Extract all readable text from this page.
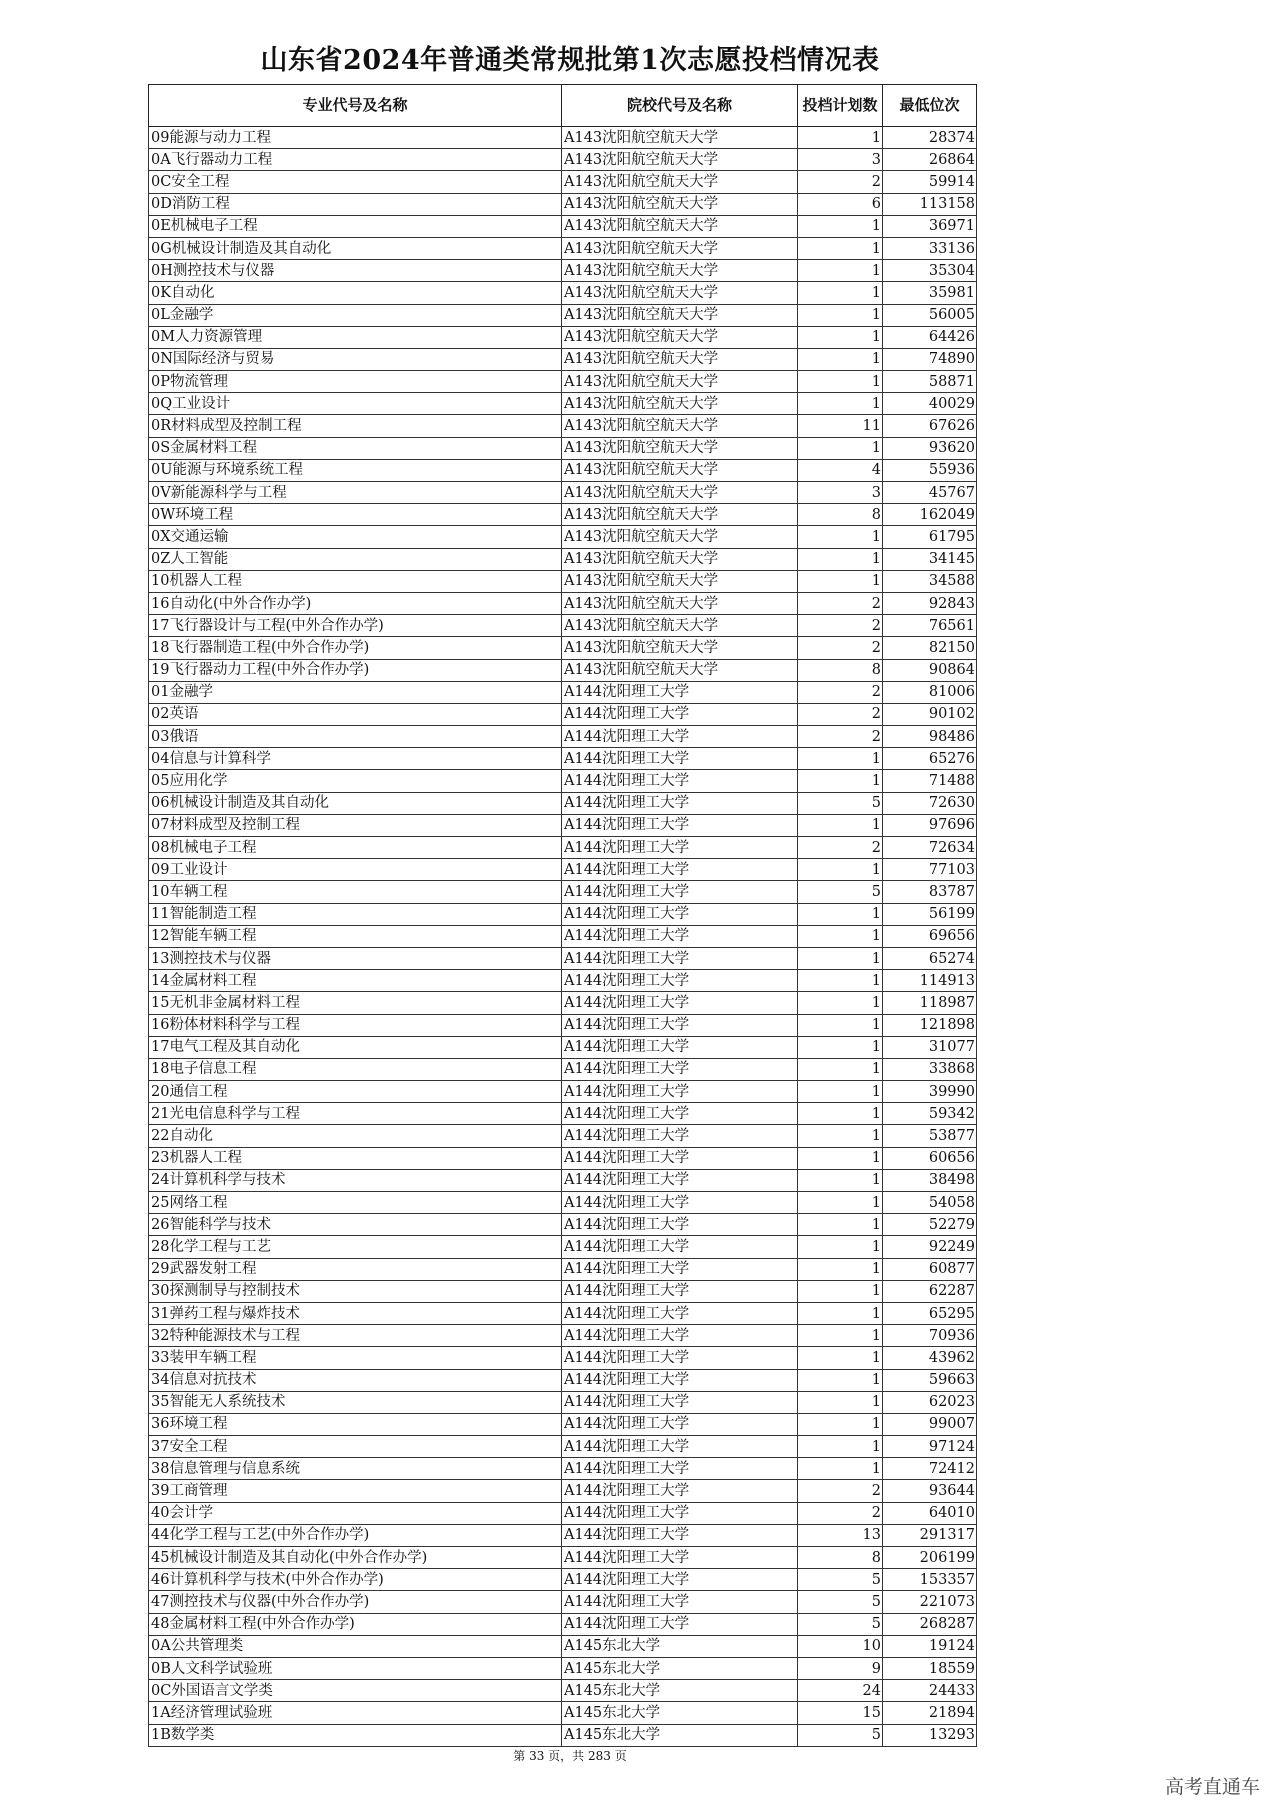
山东省2024年普通类常规批第1次志愿投档情况表
专业代号及名称	院校代号及名称	投档计划数	最低位次
09能源与动力工程	A143沈阳航空航天大学	1	28374
0A飞行器动力工程	A143沈阳航空航天大学	3	26864
0C安全工程	A143沈阳航空航天大学	2	59914
0D消防工程	A143沈阳航空航天大学	6	113158
0E机械电子工程	A143沈阳航空航天大学	1	36971
0G机械设计制造及其自动化	A143沈阳航空航天大学	1	33136
0H测控技术与仪器	A143沈阳航空航天大学	1	35304
0K自动化	A143沈阳航空航天大学	1	35981
0L金融学	A143沈阳航空航天大学	1	56005
0M人力资源管理	A143沈阳航空航天大学	1	64426
0N国际经济与贸易	A143沈阳航空航天大学	1	74890
0P物流管理	A143沈阳航空航天大学	1	58871
0Q工业设计	A143沈阳航空航天大学	1	40029
0R材料成型及控制工程	A143沈阳航空航天大学	11	67626
0S金属材料工程	A143沈阳航空航天大学	1	93620
0U能源与环境系统工程	A143沈阳航空航天大学	4	55936
0V新能源科学与工程	A143沈阳航空航天大学	3	45767
0W环境工程	A143沈阳航空航天大学	8	162049
0X交通运输	A143沈阳航空航天大学	1	61795
0Z人工智能	A143沈阳航空航天大学	1	34145
10机器人工程	A143沈阳航空航天大学	1	34588
16自动化(中外合作办学)	A143沈阳航空航天大学	2	92843
17飞行器设计与工程(中外合作办学)	A143沈阳航空航天大学	2	76561
18飞行器制造工程(中外合作办学)	A143沈阳航空航天大学	2	82150
19飞行器动力工程(中外合作办学)	A143沈阳航空航天大学	8	90864
01金融学	A144沈阳理工大学	2	81006
02英语	A144沈阳理工大学	2	90102
03俄语	A144沈阳理工大学	2	98486
04信息与计算科学	A144沈阳理工大学	1	65276
05应用化学	A144沈阳理工大学	1	71488
06机械设计制造及其自动化	A144沈阳理工大学	5	72630
07材料成型及控制工程	A144沈阳理工大学	1	97696
08机械电子工程	A144沈阳理工大学	2	72634
09工业设计	A144沈阳理工大学	1	77103
10车辆工程	A144沈阳理工大学	5	83787
11智能制造工程	A144沈阳理工大学	1	56199
12智能车辆工程	A144沈阳理工大学	1	69656
13测控技术与仪器	A144沈阳理工大学	1	65274
14金属材料工程	A144沈阳理工大学	1	114913
15无机非金属材料工程	A144沈阳理工大学	1	118987
16粉体材料科学与工程	A144沈阳理工大学	1	121898
17电气工程及其自动化	A144沈阳理工大学	1	31077
18电子信息工程	A144沈阳理工大学	1	33868
20通信工程	A144沈阳理工大学	1	39990
21光电信息科学与工程	A144沈阳理工大学	1	59342
22自动化	A144沈阳理工大学	1	53877
23机器人工程	A144沈阳理工大学	1	60656
24计算机科学与技术	A144沈阳理工大学	1	38498
25网络工程	A144沈阳理工大学	1	54058
26智能科学与技术	A144沈阳理工大学	1	52279
28化学工程与工艺	A144沈阳理工大学	1	92249
29武器发射工程	A144沈阳理工大学	1	60877
30探测制导与控制技术	A144沈阳理工大学	1	62287
31弹药工程与爆炸技术	A144沈阳理工大学	1	65295
32特种能源技术与工程	A144沈阳理工大学	1	70936
33装甲车辆工程	A144沈阳理工大学	1	43962
34信息对抗技术	A144沈阳理工大学	1	59663
35智能无人系统技术	A144沈阳理工大学	1	62023
36环境工程	A144沈阳理工大学	1	99007
37安全工程	A144沈阳理工大学	1	97124
38信息管理与信息系统	A144沈阳理工大学	1	72412
39工商管理	A144沈阳理工大学	2	93644
40会计学	A144沈阳理工大学	2	64010
44化学工程与工艺(中外合作办学)	A144沈阳理工大学	13	291317
45机械设计制造及其自动化(中外合作办学)	A144沈阳理工大学	8	206199
46计算机科学与技术(中外合作办学)	A144沈阳理工大学	5	153357
47测控技术与仪器(中外合作办学)	A144沈阳理工大学	5	221073
48金属材料工程(中外合作办学)	A144沈阳理工大学	5	268287
0A公共管理类	A145东北大学	10	19124
0B人文科学试验班	A145东北大学	9	18559
0C外国语言文学类	A145东北大学	24	24433
1A经济管理试验班	A145东北大学	15	21894
1B数学类	A145东北大学	5	13293
第 33 页，共 283 页
高考直通车
